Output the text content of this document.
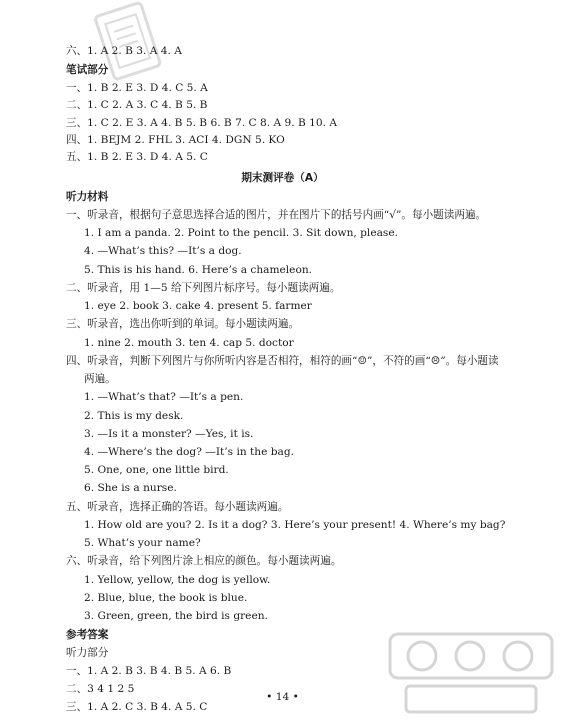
六、1. A 2. B 3. A 4. A
笔试部分
一、1. B 2. E 3. D 4. C 5. A
二、1. C 2. A 3. C 4. B 5. B
三、1. C 2. E 3. A 4. B 5. B 6. B 7. C 8. A 9. B 10. A
四、1. BEJM 2. FHL 3. ACI 4. DGN 5. KO
五、1. B 2. E 3. D 4. A 5. C
期末测评卷（A）
听力材料
一、听录音，根据句子意思选择合适的图片，并在图片下的括号内画“√”。每小题读两遍。
1. I am a panda. 2. Point to the pencil. 3. Sit down, please.
4. —What’s this? —It’s a dog.
5. This is his hand. 6. Here’s a chameleon.
二、听录音，用 1—5 给下列图片标序号。每小题读两遍。
1. eye 2. book 3. cake 4. present 5. farmer
三、听录音，选出你听到的单词。每小题读两遍。
1. nine 2. mouth 3. ten 4. cap 5. doctor
四、听录音，判断下列图片与你所听内容是否相符，相符的画“☺”，不符的画“☹”。每小题读
两遍。
1. —What’s that? —It’s a pen.
2. This is my desk.
3. —Is it a monster? —Yes, it is.
4. —Where’s the dog? —It’s in the bag.
5. One, one, one little bird.
6. She is a nurse.
五、听录音，选择正确的答语。每小题读两遍。
1. How old are you? 2. Is it a dog? 3. Here’s your present! 4. Where’s my bag?
5. What’s your name?
六、听录音，给下列图片涂上相应的颜色。每小题读两遍。
1. Yellow, yellow, the dog is yellow.
2. Blue, blue, the book is blue.
3. Green, green, the bird is green.
参考答案
听力部分
一、1. A 2. B 3. B 4. B 5. A 6. B
二、3 4 1 2 5
三、1. A 2. C 3. B 4. A 5. C
• 14 •
